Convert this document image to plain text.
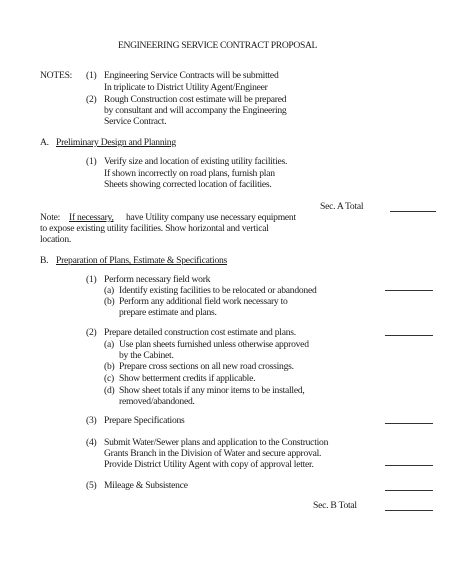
ENGINEERING SERVICE CONTRACT PROPOSAL
NOTES: (1) Engineering Service Contracts will be submitted
In triplicate to District Utility Agent/Engineer
(2) Rough Construction cost estimate will be prepared
by consultant and will accompany the Engineering
Service Contract.
A. Preliminary Design and Planning
(1) Verify size and location of existing utility facilities.
If shown incorrectly on road plans, furnish plan
Sheets showing corrected location of facilities.
Sec. A Total
Note: If necessary, have Utility company use necessary equipment
to expose existing utility facilities. Show horizontal and vertical
location.
B. Preparation of Plans, Estimate & Specifications
(1) Perform necessary field work
(a) Identify existing facilities to be relocated or abandoned
(b) Perform any additional field work necessary to
prepare estimate and plans.
(2) Prepare detailed construction cost estimate and plans.
(a) Use plan sheets furnished unless otherwise approved
by the Cabinet.
(b) Prepare cross sections on all new road crossings.
(c) Show betterment credits if applicable.
(d) Show sheet totals if any minor items to be installed,
removed/abandoned.
(3) Prepare Specifications
(4) Submit Water/Sewer plans and application to the Construction
Grants Branch in the Division of Water and secure approval.
Provide District Utility Agent with copy of approval letter.
(5) Mileage & Subsistence
Sec. B Total
